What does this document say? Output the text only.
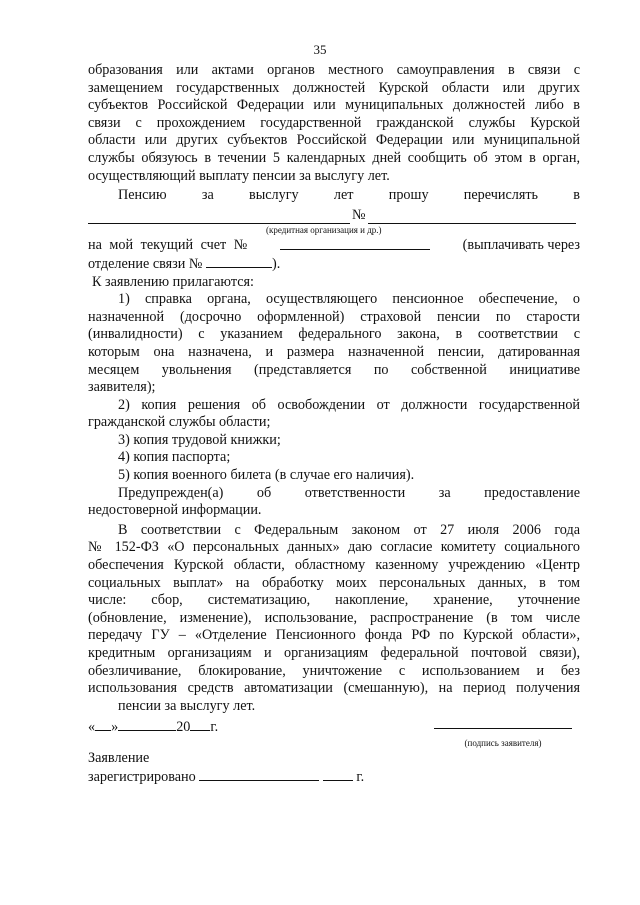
35

образования или актами органов местного самоуправления в связи с

замещением государственных должностей Курской области или других

субъектов Российской Федерации или муниципальных должностей либо в

связи с прохождением государственной гражданской службы Курской

области или других субъектов Российской Федерации или муниципальной

службы обязуюсь в течении 5 календарных дней сообщить об этом в орган,

осуществляющий выплату пенсии за выслугу лет.

Пенсию за выслугу лет прошу перечислять в
№
(кредитная организация и др.)
на мой текущий счет №	(выплачивать через
отделение связи №	).

К заявлению прилагаются:

1) справка органа, осуществляющего пенсионное обеспечение, о

назначенной (досрочно оформленной) страховой пенсии по старости

(инвалидности) с указанием федерального закона, в соответствии с

которым она назначена, и размера назначенной пенсии, датированная

месяцем увольнения (представляется по собственной инициативе

заявителя);

2) копия решения об освобождении от должности государственной

гражданской службы области;

3) копия трудовой книжки;

4) копия паспорта;

5) копия военного билета (в случае его наличия).

Предупрежден(а) об ответственности за предоставление

недостоверной информации.

В соответствии с Федеральным законом от 27 июля 2006 года

№ 152-ФЗ «О персональных данных» даю согласие комитету социального

обеспечения Курской области, областному казенному учреждению «Центр

социальных выплат» на обработку моих персональных данных, в том

числе: сбор, систематизацию, накопление, хранение, уточнение

(обновление, изменение), использование, распространение (в том числе

передачу ГУ – «Отделение Пенсионного фонда РФ по Курской области»,

кредитным организациям и организациям федеральной почтовой связи),

обезличивание, блокирование, уничтожение с использованием и без

использования средств автоматизации (смешанную), на период получения

пенсии за выслугу лет.

« »	20 г.
(подпись заявителя)
Заявление
зарегистрировано	г.
